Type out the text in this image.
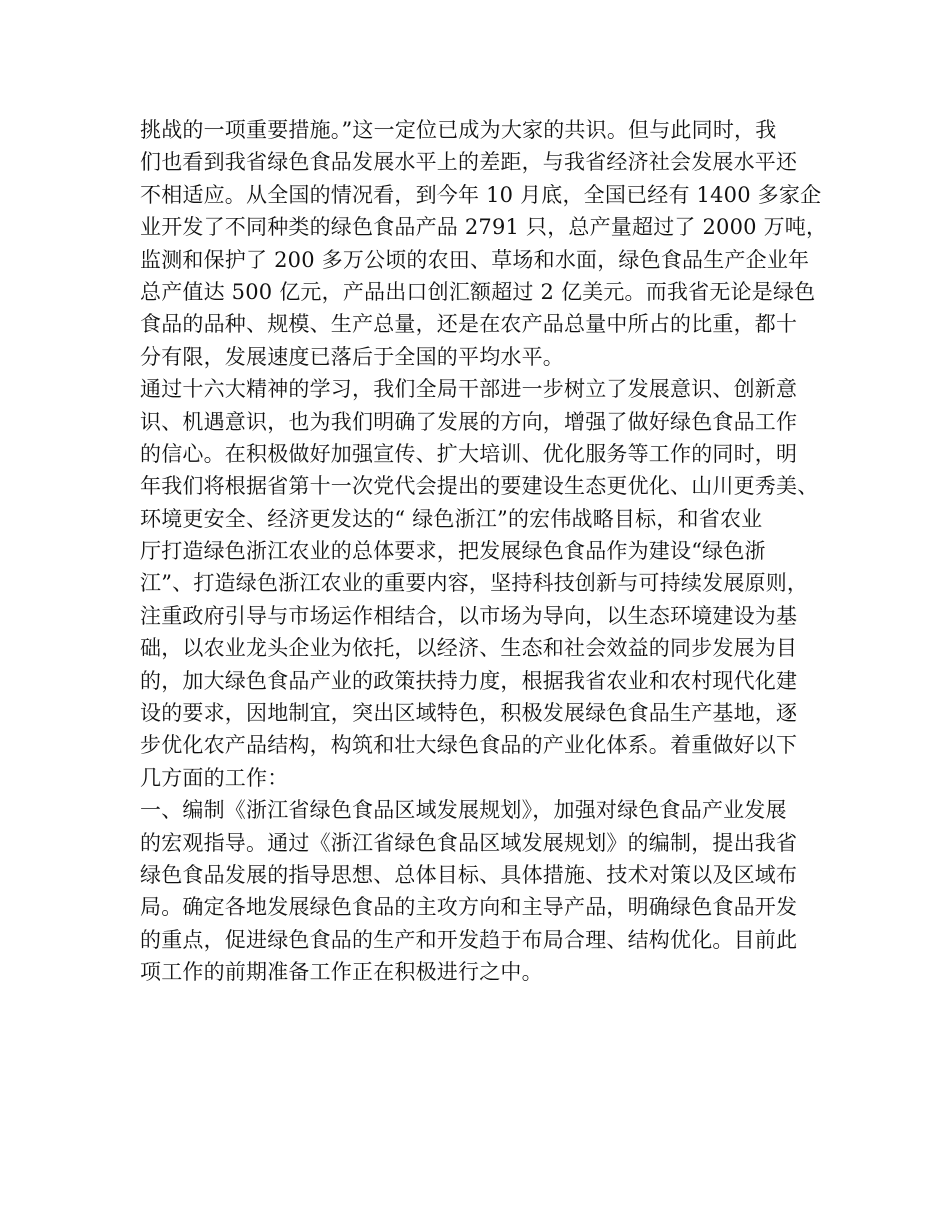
挑战的一项重要措施。”这一定位已成为大家的共识。但与此同时，我
们也看到我省绿色食品发展水平上的差距，与我省经济社会发展水平还
不相适应。从全国的情况看，到今年 10 月底，全国已经有 1400 多家企
业开发了不同种类的绿色食品产品 2791 只，总产量超过了 2000 万吨，
监测和保护了 200 多万公顷的农田、草场和水面，绿色食品生产企业年
总产值达 500 亿元，产品出口创汇额超过 2 亿美元。而我省无论是绿色
食品的品种、规模、生产总量，还是在农产品总量中所占的比重，都十
分有限，发展速度已落后于全国的平均水平。
通过十六大精神的学习，我们全局干部进一步树立了发展意识、创新意
识、机遇意识，也为我们明确了发展的方向，增强了做好绿色食品工作
的信心。在积极做好加强宣传、扩大培训、优化服务等工作的同时，明
年我们将根据省第十一次党代会提出的要建设生态更优化、山川更秀美、
环境更安全、经济更发达的“ 绿色浙江”的宏伟战略目标，和省农业
厅打造绿色浙江农业的总体要求，把发展绿色食品作为建设“绿色浙
江”、打造绿色浙江农业的重要内容，坚持科技创新与可持续发展原则，
注重政府引导与市场运作相结合，以市场为导向，以生态环境建设为基
础，以农业龙头企业为依托，以经济、生态和社会效益的同步发展为目
的，加大绿色食品产业的政策扶持力度，根据我省农业和农村现代化建
设的要求，因地制宜，突出区域特色，积极发展绿色食品生产基地，逐
步优化农产品结构，构筑和壮大绿色食品的产业化体系。着重做好以下
几方面的工作：
一、编制《浙江省绿色食品区域发展规划》，加强对绿色食品产业发展
的宏观指导。通过《浙江省绿色食品区域发展规划》的编制，提出我省
绿色食品发展的指导思想、总体目标、具体措施、技术对策以及区域布
局。确定各地发展绿色食品的主攻方向和主导产品，明确绿色食品开发
的重点，促进绿色食品的生产和开发趋于布局合理、结构优化。目前此
项工作的前期准备工作正在积极进行之中。
